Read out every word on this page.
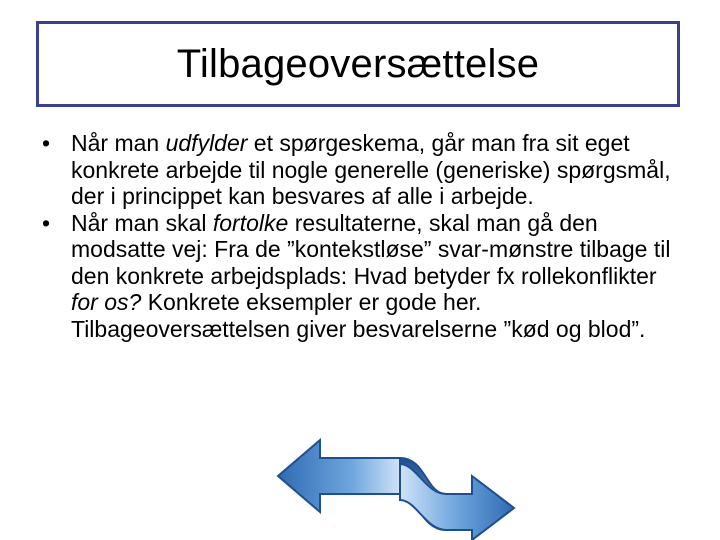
Tilbageoversættelse
• Når man udfylder et spørgeskema, går man fra sit eget konkrete arbejde til nogle generelle (generiske) spørgsmål, der i princippet kan besvares af alle i arbejde.
• Når man skal fortolke resultaterne, skal man gå den modsatte vej: Fra de ”kontekstløse” svar-mønstre tilbage til den konkrete arbejdsplads: Hvad betyder fx rollekonflikter for os? Konkrete eksempler er gode her. Tilbageoversættelsen giver besvarelserne ”kød og blod”.
